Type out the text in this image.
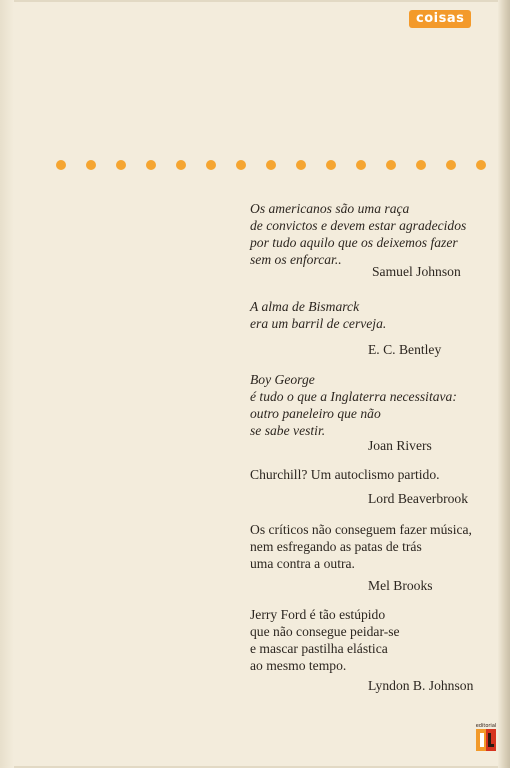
coisas
Os americanos são uma raça
de convictos e devem estar agradecidos
por tudo aquilo que os deixemos fazer
sem os enforcar..
Samuel Johnson
A alma de Bismarck
era um barril de cerveja.
E. C. Bentley
Boy George
é tudo o que a Inglaterra necessitava:
outro paneleiro que não
se sabe vestir.
Joan Rivers
Churchill? Um autoclismo partido.
Lord Beaverbrook
Os críticos não conseguem fazer música,
nem esfregando as patas de trás
uma contra a outra.
Mel Brooks
Jerry Ford é tão estúpido
que não consegue peidar-se
e mascar pastilha elástica
ao mesmo tempo.
Lyndon B. Johnson
editorial
